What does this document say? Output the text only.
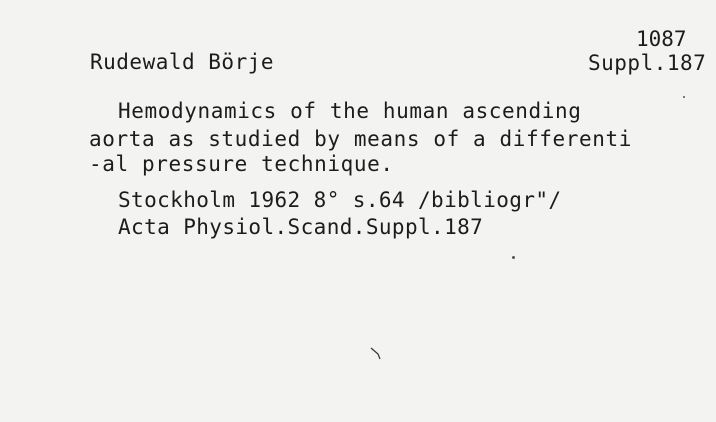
1087
Rudewald Börje	Suppl.187
Hemodynamics of the human ascending
aorta as studied by means of a differenti
-al pressure technique.
Stockholm 1962 8° s.64 /bibliogr"/
Acta Physiol.Scand.Suppl.187
